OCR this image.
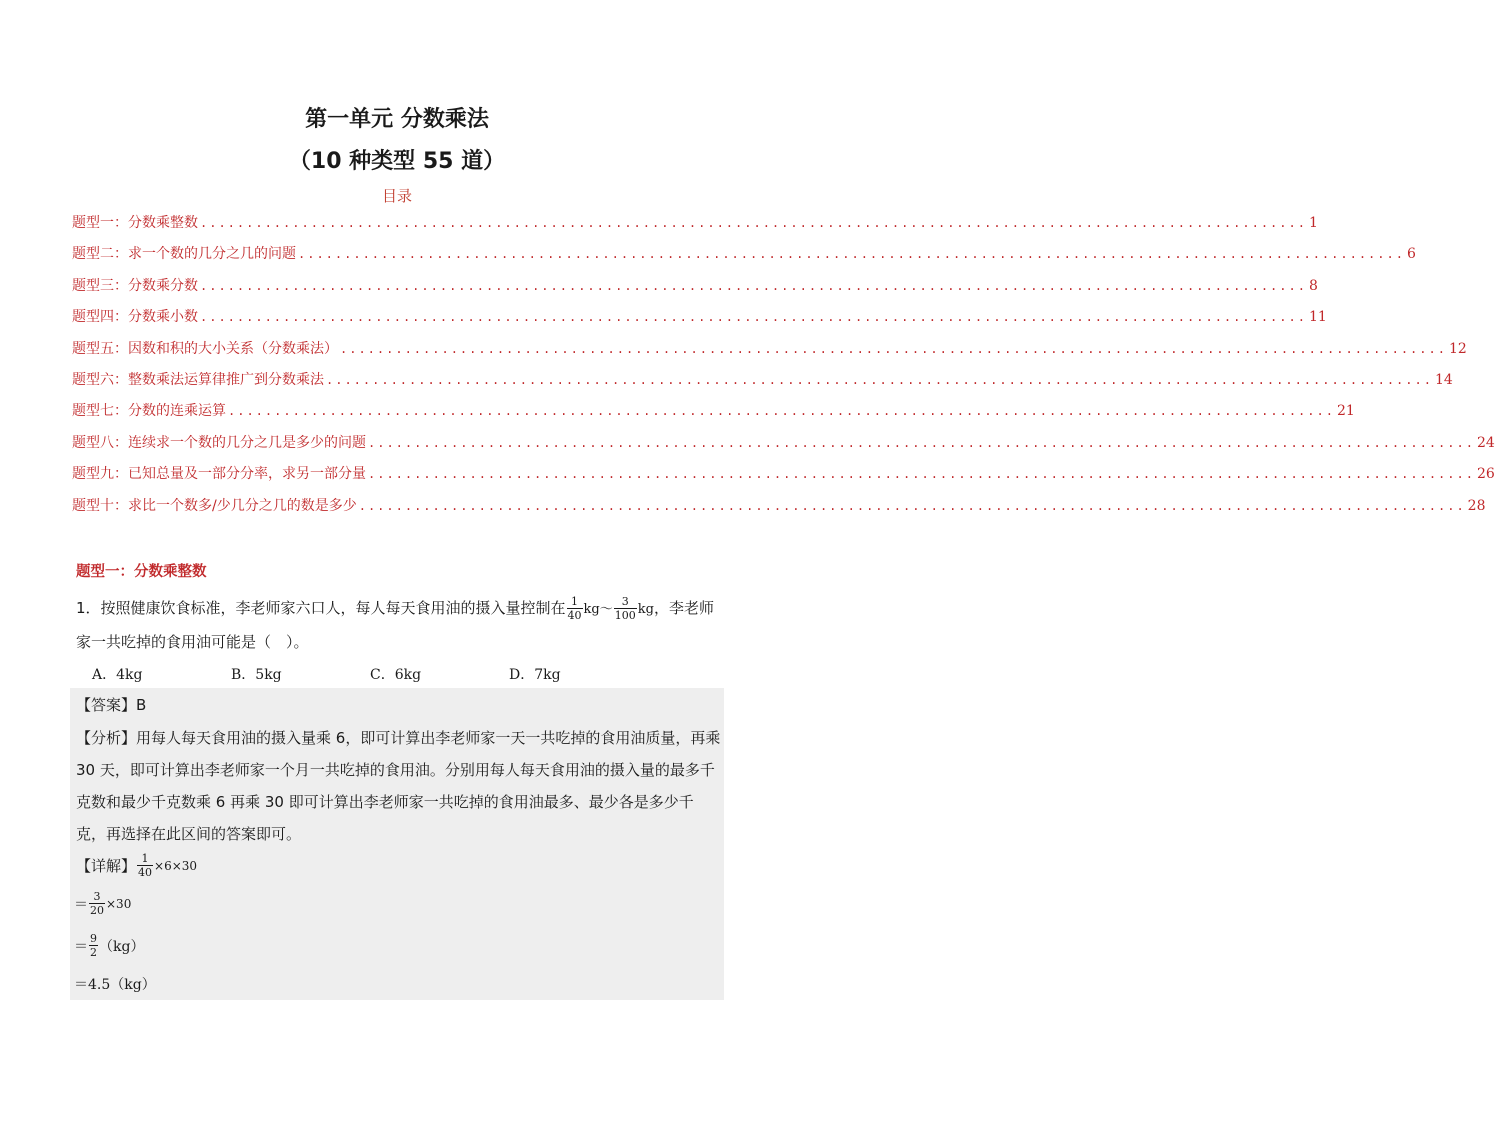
第一单元 分数乘法
（10 种类型 55 道）
目录
题型一：分数乘整数 ........................................................................................................................ 1
题型二：求一个数的几分之几的问题 ........................................................................................................................ 6
题型三：分数乘分数 ........................................................................................................................ 8
题型四：分数乘小数 ........................................................................................................................ 11
题型五：因数和积的大小关系（分数乘法） ........................................................................................................................ 12
题型六：整数乘法运算律推广到分数乘法 ........................................................................................................................ 14
题型七：分数的连乘运算 ........................................................................................................................ 21
题型八：连续求一个数的几分之几是多少的问题 ........................................................................................................................ 24
题型九：已知总量及一部分分率，求另一部分量 ........................................................................................................................ 26
题型十：求比一个数多/少几分之几的数是多少 ........................................................................................................................ 28
题型一：分数乘整数
1．按照健康饮食标准，李老师家六口人，每人每天食用油的摄入量控制在 $\frac{1}{40}$ kg～ $\frac{3}{100}$ kg，李老师家一共吃掉的食用油可能是（　）。
A．4kg	B．5kg	C．6kg	D．7kg
【答案】B
【分析】用每人每天食用油的摄入量乘 6，即可计算出李老师家一天一共吃掉的食用油质量，再乘 30 天，即可计算出李老师家一个月一共吃掉的食用油。分别用每人每天食用油的摄入量的最多千克数和最少千克数乘 6 再乘 30 即可计算出李老师家一共吃掉的食用油最多、最少各是多少千克，再选择在此区间的答案即可。
【详解】 $\frac{1}{40} \times 6\times 30$
＝ $\frac{3}{20} \times 30$
＝ $\frac{9}{2} (kg)$
＝4.5（kg）
